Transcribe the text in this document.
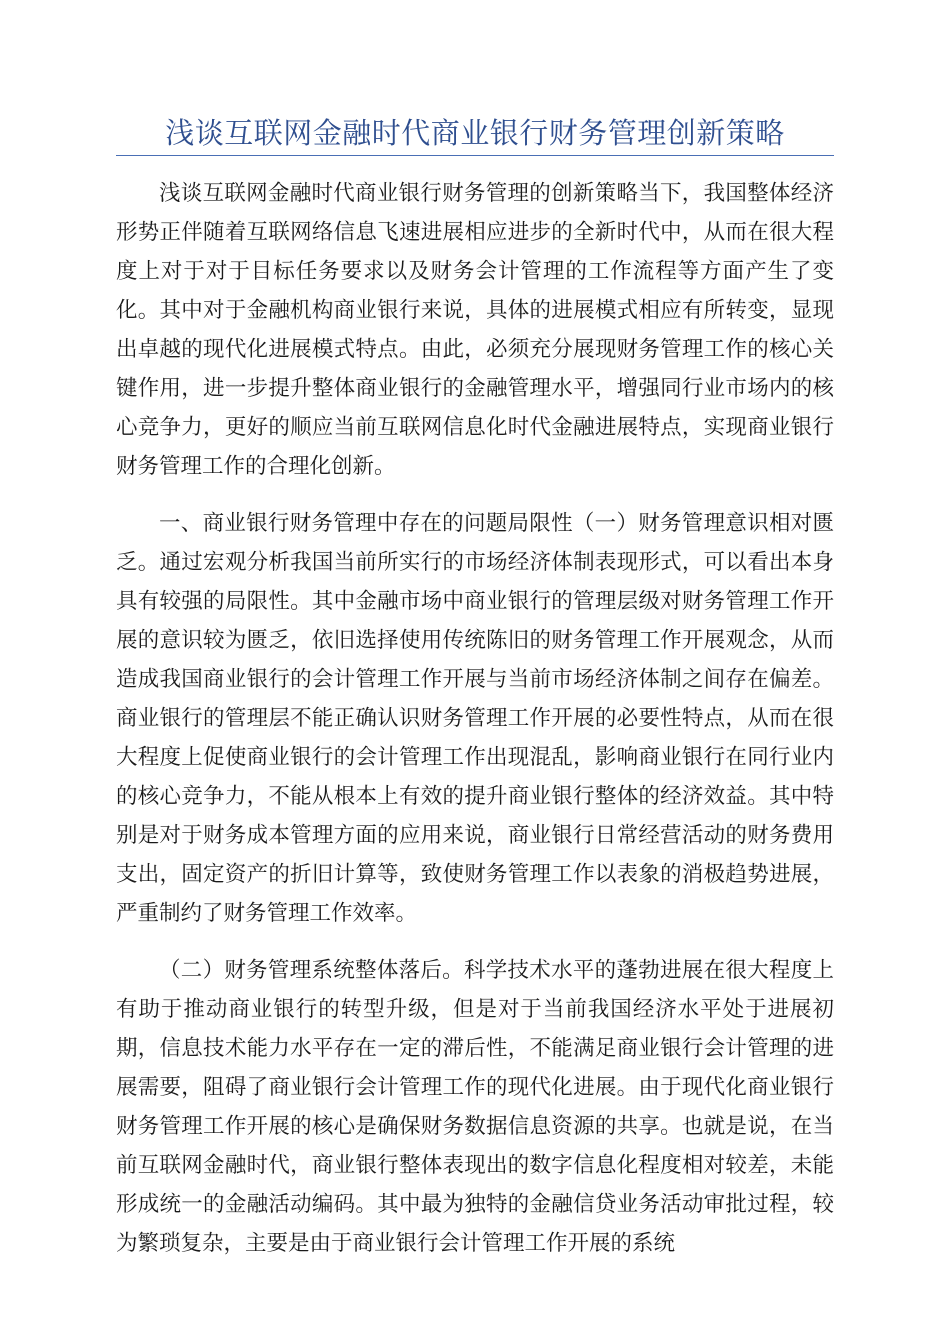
浅谈互联网金融时代商业银行财务管理创新策略

浅谈互联网金融时代商业银行财务管理的创新策略当下，我国整体经济形势正伴随着互联网络信息飞速进展相应进步的全新时代中，从而在很大程度上对于对于目标任务要求以及财务会计管理的工作流程等方面产生了变化。其中对于金融机构商业银行来说，具体的进展模式相应有所转变，显现出卓越的现代化进展模式特点。由此，必须充分展现财务管理工作的核心关键作用，进一步提升整体商业银行的金融管理水平，增强同行业市场内的核心竞争力，更好的顺应当前互联网信息化时代金融进展特点，实现商业银行财务管理工作的合理化创新。

一、商业银行财务管理中存在的问题局限性（一）财务管理意识相对匮乏。通过宏观分析我国当前所实行的市场经济体制表现形式，可以看出本身具有较强的局限性。其中金融市场中商业银行的管理层级对财务管理工作开展的意识较为匮乏，依旧选择使用传统陈旧的财务管理工作开展观念，从而造成我国商业银行的会计管理工作开展与当前市场经济体制之间存在偏差。商业银行的管理层不能正确认识财务管理工作开展的必要性特点，从而在很大程度上促使商业银行的会计管理工作出现混乱，影响商业银行在同行业内的核心竞争力，不能从根本上有效的提升商业银行整体的经济效益。其中特别是对于财务成本管理方面的应用来说，商业银行日常经营活动的财务费用支出，固定资产的折旧计算等，致使财务管理工作以表象的消极趋势进展，严重制约了财务管理工作效率。

（二）财务管理系统整体落后。科学技术水平的蓬勃进展在很大程度上有助于推动商业银行的转型升级，但是对于当前我国经济水平处于进展初期，信息技术能力水平存在一定的滞后性，不能满足商业银行会计管理的进展需要，阻碍了商业银行会计管理工作的现代化进展。由于现代化商业银行财务管理工作开展的核心是确保财务数据信息资源的共享。也就是说，在当前互联网金融时代，商业银行整体表现出的数字信息化程度相对较差，未能形成统一的金融活动编码。其中最为独特的金融信贷业务活动审批过程，较为繁琐复杂，主要是由于商业银行会计管理工作开展的系统
